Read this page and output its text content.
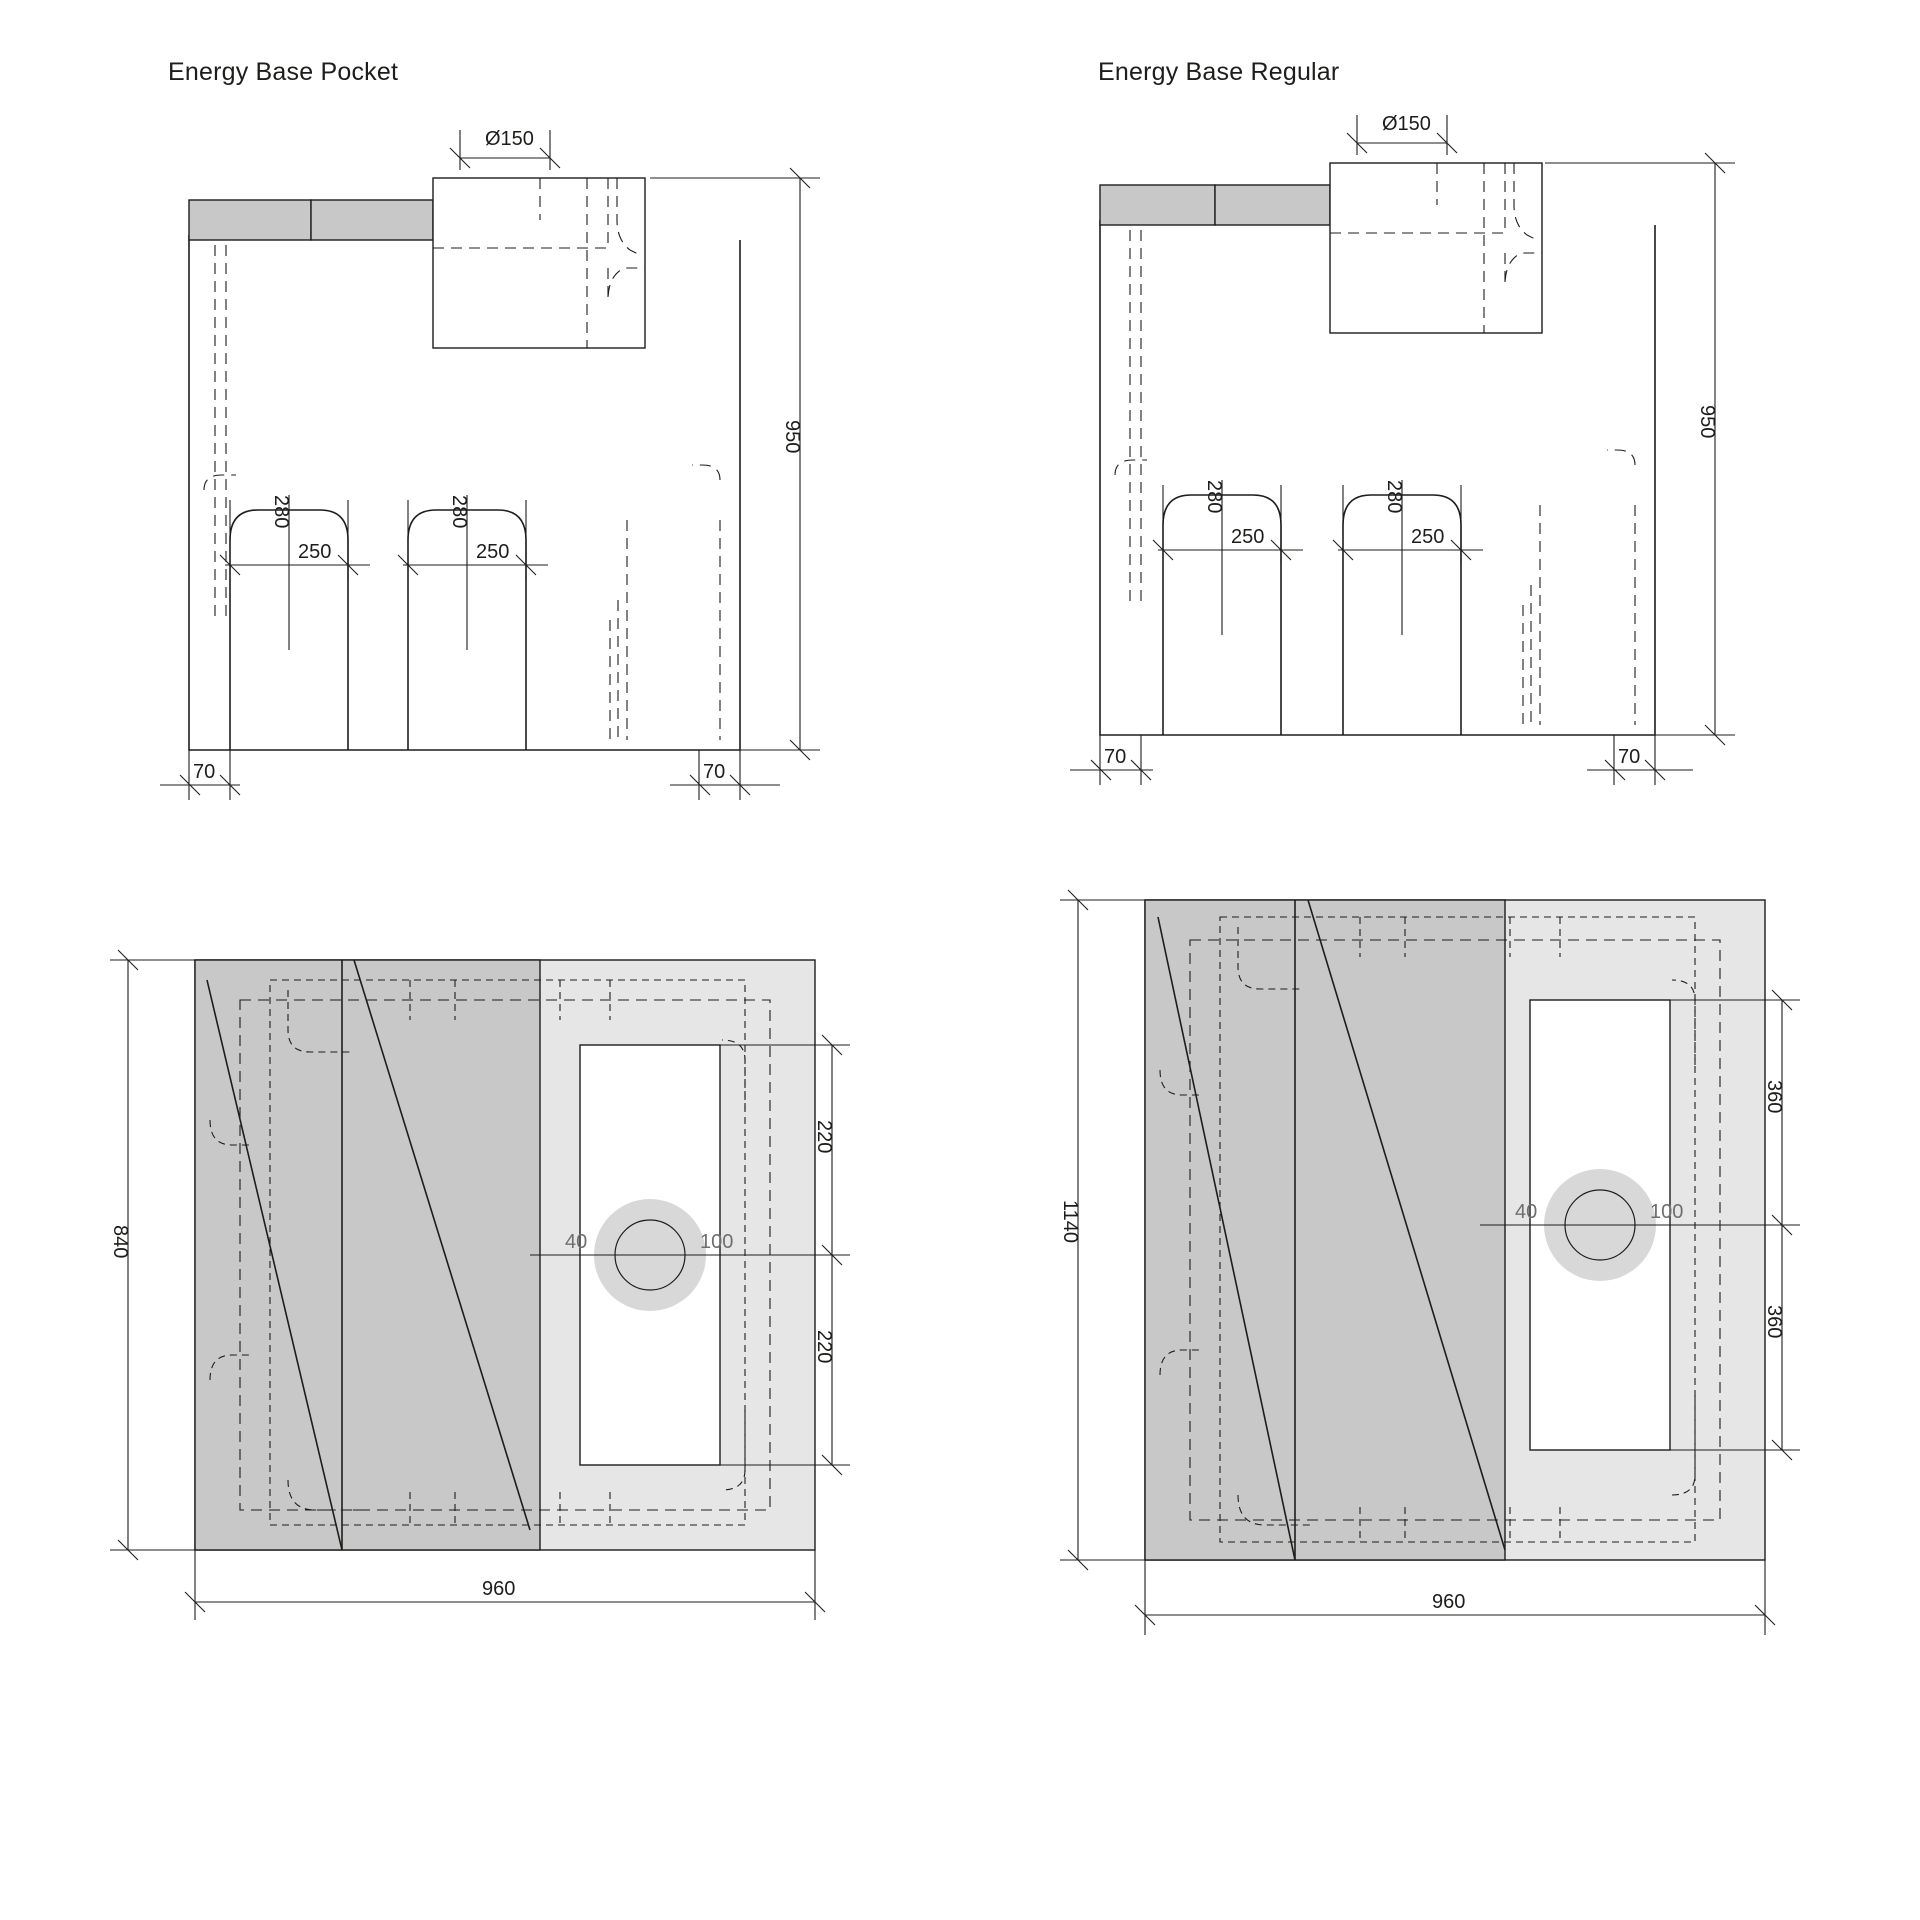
Energy Base Pocket	Energy Base Regular
Ø150
950
70	70
280
250
280
250
Ø150
950
70	70
280
250
280
250
40	100
220
220
840
960
40	100
360
360
1140
960
